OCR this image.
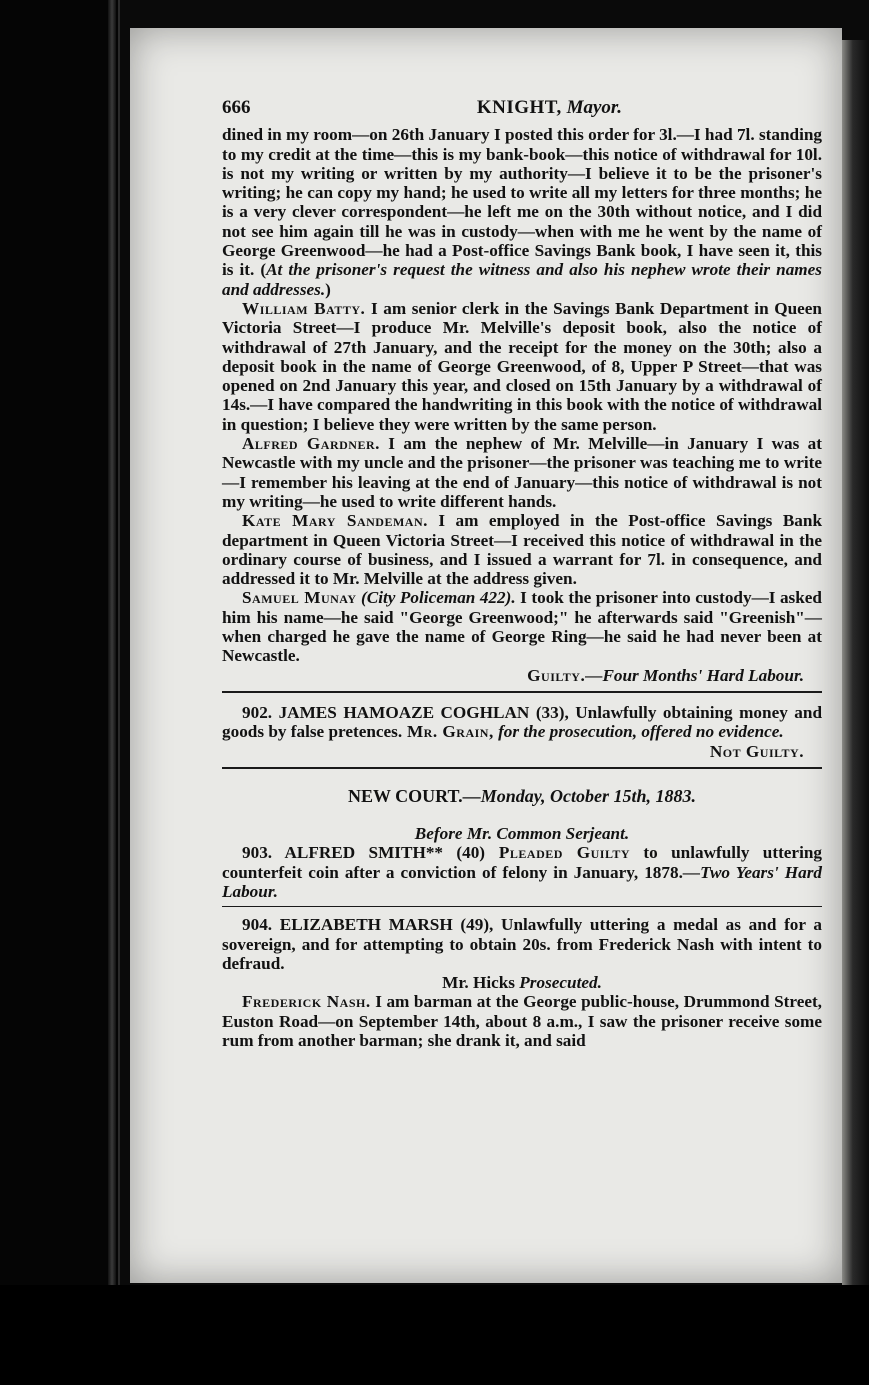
666	KNIGHT, Mayor.

dined in my room—on 26th January I posted this order for 3l.—I had 7l. standing to my credit at the time—this is my bank-book—this notice of withdrawal for 10l. is not my writing or written by my authority—I believe it to be the prisoner's writing; he can copy my hand; he used to write all my letters for three months; he is a very clever correspondent—he left me on the 30th without notice, and I did not see him again till he was in custody—when with me he went by the name of George Greenwood—he had a Post-office Savings Bank book, I have seen it, this is it. (At the prisoner's request the witness and also his nephew wrote their names and addresses.)

William Batty. I am senior clerk in the Savings Bank Department in Queen Victoria Street—I produce Mr. Melville's deposit book, also the notice of withdrawal of 27th January, and the receipt for the money on the 30th; also a deposit book in the name of George Greenwood, of 8, Upper P Street—that was opened on 2nd January this year, and closed on 15th January by a withdrawal of 14s.—I have compared the handwriting in this book with the notice of withdrawal in question; I believe they were written by the same person.

Alfred Gardner. I am the nephew of Mr. Melville—in January I was at Newcastle with my uncle and the prisoner—the prisoner was teaching me to write—I remember his leaving at the end of January—this notice of withdrawal is not my writing—he used to write different hands.

Kate Mary Sandeman. I am employed in the Post-office Savings Bank department in Queen Victoria Street—I received this notice of withdrawal in the ordinary course of business, and I issued a warrant for 7l. in consequence, and addressed it to Mr. Melville at the address given.

Samuel Munay (City Policeman 422). I took the prisoner into custody—I asked him his name—he said "George Greenwood;" he afterwards said "Greenish"—when charged he gave the name of George Ring—he said he had never been at Newcastle.

Guilty.—Four Months' Hard Labour.

902. JAMES HAMOAZE COGHLAN (33), Unlawfully obtaining money and goods by false pretences. Mr. Grain, for the prosecution, offered no evidence.

Not Guilty.

NEW COURT.—Monday, October 15th, 1883.

Before Mr. Common Serjeant.

903. ALFRED SMITH** (40) Pleaded Guilty to unlawfully uttering counterfeit coin after a conviction of felony in January, 1878.—Two Years' Hard Labour.

904. ELIZABETH MARSH (49), Unlawfully uttering a medal as and for a sovereign, and for attempting to obtain 20s. from Frederick Nash with intent to defraud.

Mr. Hicks Prosecuted.

Frederick Nash. I am barman at the George public-house, Drummond Street, Euston Road—on September 14th, about 8 a.m., I saw the prisoner receive some rum from another barman; she drank it, and said
